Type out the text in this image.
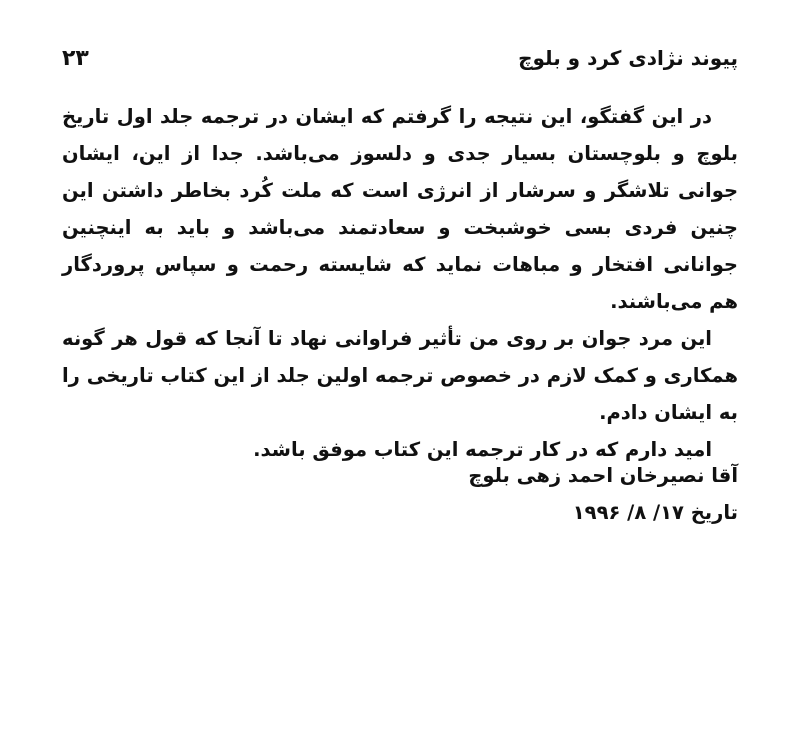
پیوند نژادی کرد و بلوچ
۲۳

در این گفتگو، این نتیجه را گرفتم که ایشان در ترجمه جلد اول تاریخ بلوچ و بلوچستان بسیار جدی و دلسوز می‌باشد. جدا از این، ایشان جوانی تلاشگر و سرشار از انرژی است که ملت کُرد بخاطر داشتن این چنین فردی بسی خوشبخت و سعادتمند می‌باشد و باید به اینچنین جوانانی افتخار و مباهات نماید که شایسته رحمت و سپاس پروردگار هم می‌باشند.

این مرد جوان بر روی من تأثیر فراوانی نهاد تا آنجا که قول هر گونه همکاری و کمک لازم در خصوص ترجمه اولین جلد از این کتاب تاریخی را به ایشان دادم.

امید دارم که در کار ترجمه این کتاب موفق باشد.

آقا نصیرخان احمد زهی بلوچ
تاریخ ۱۷/ ۸/ ۱۹۹۶
